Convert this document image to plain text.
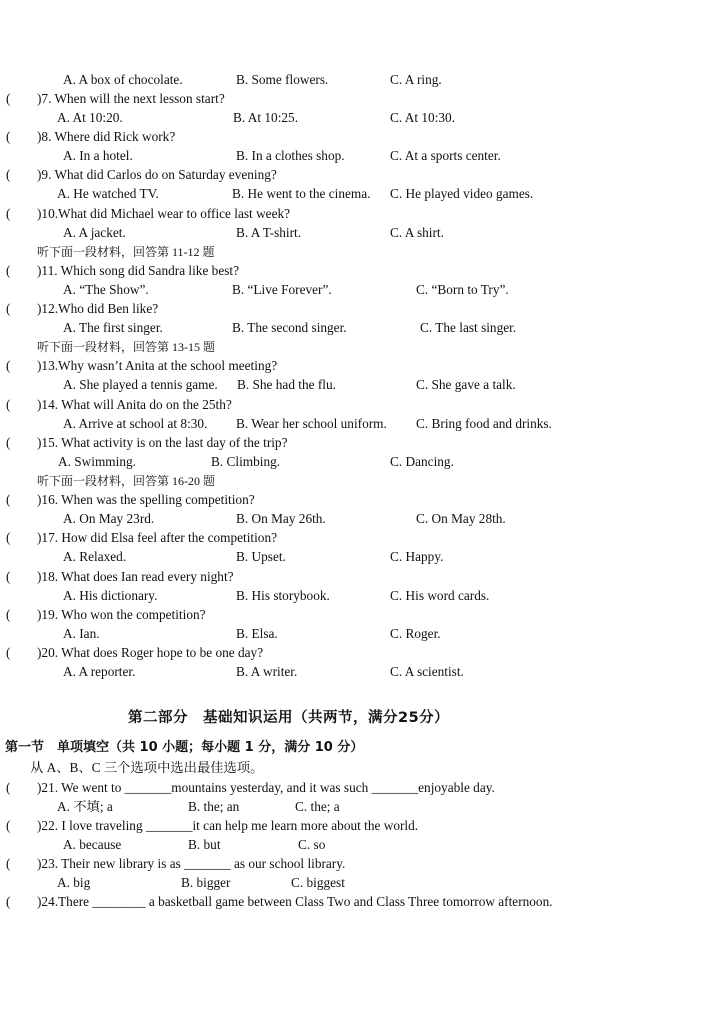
A. A box of chocolate.	B. Some flowers.	C. A ring.
( )7. When will the next lesson start?
A. At 10:20.	B. At 10:25.	C. At 10:30.
( )8. Where did Rick work?
A. In a hotel.	B. In a clothes shop.	C. At a sports center.
( )9. What did Carlos do on Saturday evening?
A. He watched TV.	B. He went to the cinema. C. He played video games.
( )10.What did Michael wear to office last week?
A. A jacket.	B. A T-shirt.	C. A shirt.
听下面一段材料，回答第 11-12 题
( )11. Which song did Sandra like best?
A. “The Show”.	B. “Live Forever”.	C. “Born to Try”.
( )12.Who did Ben like?
A. The first singer.	B. The second singer.	C. The last singer.
听下面一段材料，回答第 13-15 题
( )13.Why wasn’t Anita at the school meeting?
A. She played a tennis game. B. She had the flu.	C. She gave a talk.
( )14. What will Anita do on the 25th?
A. Arrive at school at 8:30. B. Wear her school uniform. C. Bring food and drinks.
( )15. What activity is on the last day of the trip?
A. Swimming.	B. Climbing.	C. Dancing.
听下面一段材料，回答第 16-20 题
( )16. When was the spelling competition?
A. On May 23rd.	B. On May 26th.	C. On May 28th.
( )17. How did Elsa feel after the competition?
A. Relaxed.	B. Upset.	C. Happy.
( )18. What does Ian read every night?
A. His dictionary.	B. His storybook.	C. His word cards.
( )19. Who won the competition?
A. Ian.	B. Elsa.	C. Roger.
( )20. What does Roger hope to be one day?
A. A reporter.	B. A writer.	C. A scientist.
第二部分　基础知识运用（共两节，满分25分）
第一节　单项填空（共 10 小题；每小题 1 分，满分 10 分）
从 A、B、C 三个选项中选出最佳选项。
( )21. We went to _______mountains yesterday, and it was such _______enjoyable day.
A. 不填; a	B. the; an	C. the; a
( )22. I love traveling _______it can help me learn more about the world.
A. because	B. but	C. so
( )23. Their new library is as _______ as our school library.
A. big	B. bigger	C. biggest
( )24.There ________ a basketball game between Class Two and Class Three tomorrow afternoon.
